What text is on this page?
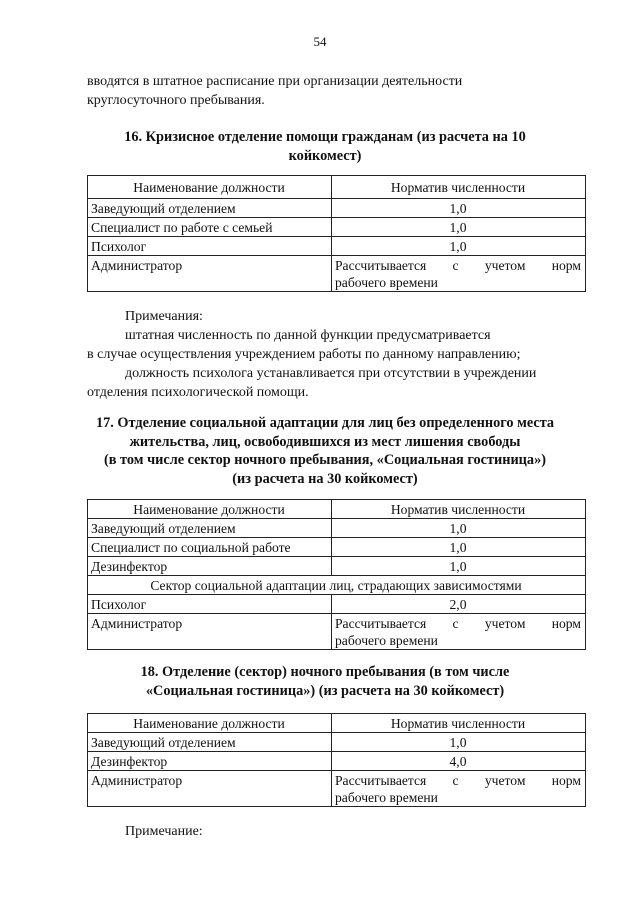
54
вводятся в штатное расписание при организации деятельности
круглосуточного пребывания.
16. Кризисное отделение помощи гражданам (из расчета на 10
койкомест)
Наименование должности	Норматив численности
Заведующий отделением	1,0
Специалист по работе с семьей	1,0
Психолог	1,0
Администратор	Рассчитывается с учетом норм
рабочего времени
Примечания:
штатная численность по данной функции предусматривается
в случае осуществления учреждением работы по данному направлению;
должность психолога устанавливается при отсутствии в учреждении
отделения психологической помощи.
17. Отделение социальной адаптации для лиц без определенного места
жительства, лиц, освободившихся из мест лишения свободы
(в том числе сектор ночного пребывания, «Социальная гостиница»)
(из расчета на 30 койкомест)
Наименование должности	Норматив численности
Заведующий отделением	1,0
Специалист по социальной работе	1,0
Дезинфектор	1,0
Сектор социальной адаптации лиц, страдающих зависимостями	
Психолог	2,0
Администратор	Рассчитывается с учетом норм
рабочего времени
18. Отделение (сектор) ночного пребывания (в том числе
«Социальная гостиница») (из расчета на 30 койкомест)
Наименование должности	Норматив численности
Заведующий отделением	1,0
Дезинфектор	4,0
Администратор	Рассчитывается с учетом норм
рабочего времени
Примечание:
